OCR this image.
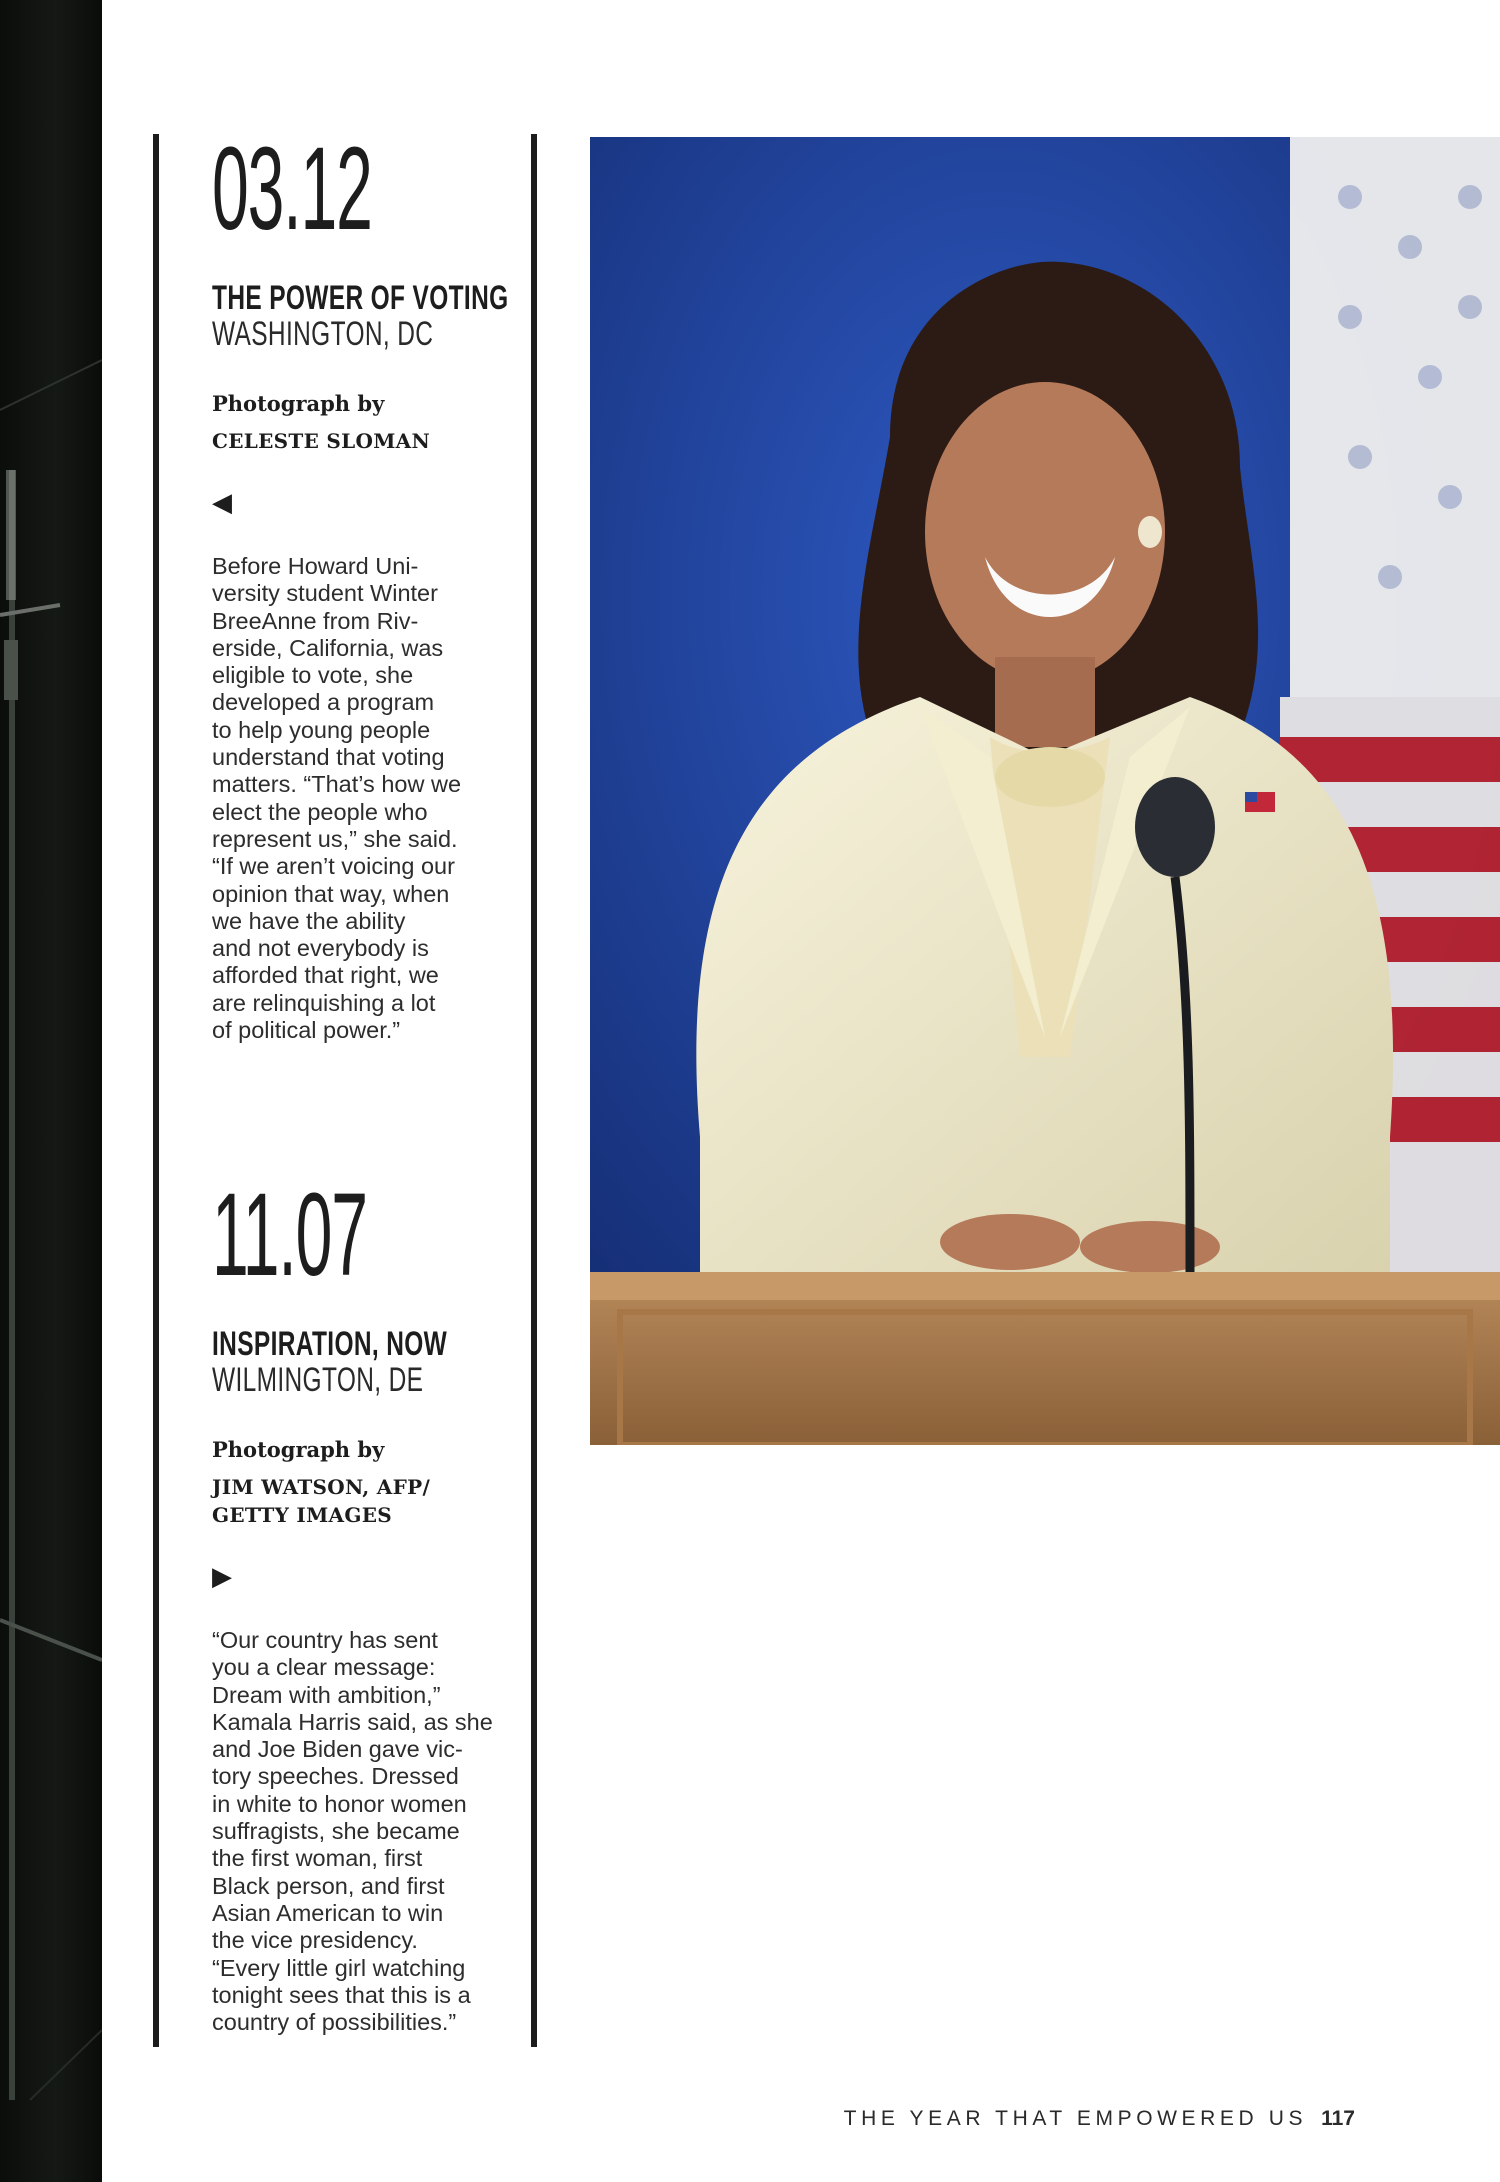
03.12
THE POWER OF VOTING
WASHINGTON, DC
Photograph by
CELESTE SLOMAN
◀
Before Howard Uni-
versity student Winter
BreeAnne from Riv-
erside, California, was
eligible to vote, she
developed a program
to help young people
understand that voting
matters. “That’s how we
elect the people who
represent us,” she said.
“If we aren’t voicing our
opinion that way, when
we have the ability
and not everybody is
afforded that right, we
are relinquishing a lot
of political power.”
11.07
INSPIRATION, NOW
WILMINGTON, DE
Photograph by
JIM WATSON, AFP/
GETTY IMAGES
▶
“Our country has sent
you a clear message:
Dream with ambition,”
Kamala Harris said, as she
and Joe Biden gave vic-
tory speeches. Dressed
in white to honor women
suffragists, she became
the first woman, first
Black person, and first
Asian American to win
the vice presidency.
“Every little girl watching
tonight sees that this is a
country of possibilities.”
THE YEAR THAT EMPOWERED US 117
